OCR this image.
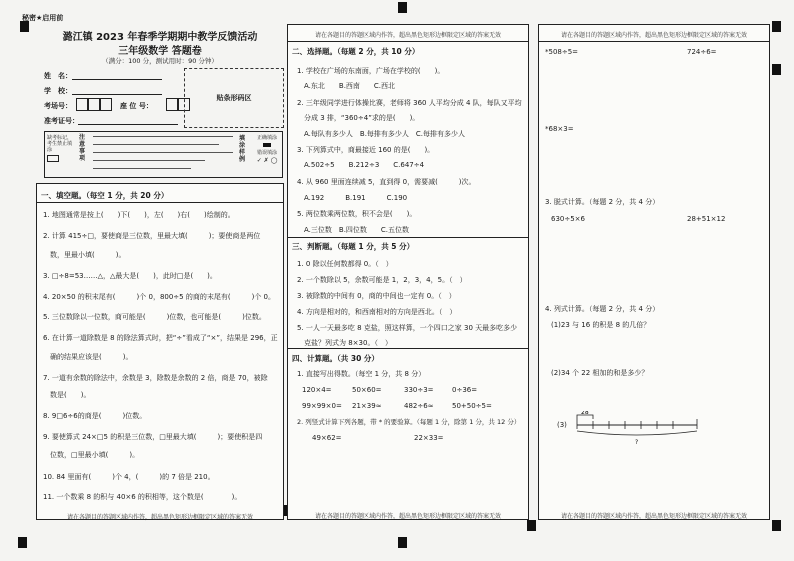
秘密★启用前
潞江镇 2023 年春季学期期中教学反馈活动
三年级数学 答题卷
（满分：100 分，测试用时：90 分钟）
姓　名：
学　校：
考场号：	座 位 号：
准考证号：
贴条形码区
缺考标记，考生禁止填涂
注意事项
填涂样例
正确填涂
错误填涂
✓ ✗ ◯
一、填空题。（每空 1 分，共 20 分）
1. 地图通常是按上(　　)下(　　)，左(　　)右(　　)绘制的。
2. 计算 415÷□，要使商是三位数，里最大填(　　　)；要使商是两位
　数，里最小填(　　　)。
3. □÷8=53……△，△最大是(　　)，此时□是(　　)。
4. 20×50 的积末尾有(　　　)个 0，800÷5 的商的末尾有(　　　)个 0。
5. 三位数除以一位数，商可能是(　　　)位数，也可能是(　　　)位数。
6. 在计算一道除数是 8 的除法算式时，把“÷”看成了“×”，结果是 296，正
　确的结果应该是(　　　)。
7. 一道有余数的除法中，余数是 3，除数是余数的 2 倍，商是 70，被除
　数是(　　)。
8. 9□6÷6的商是(　　　)位数。
9. 要使算式 24×□5 的积是三位数，□里最大填(　　　)；要使积是四
　位数，□里最小填(　　　)。
10. 84 里面有(　　　)个 4，(　　　)的 7 倍是 210。
11. 一个数乘 8 的积与 40×6 的积相等，这个数是(　　　　)。
请在各题目的答题区域内作答，超出黑色矩形边框限定区域的答案无效
请在各题目的答题区域内作答，超出黑色矩形边框限定区域的答案无效
二、选择题。（每题 2 分，共 10 分）
1. 学校在广场的东南面，广场在学校的(　　)。
　A.东北　　B.西南　　C.西北
2. 三年级同学进行体操比赛，老师将 360 人平均分成 4 队，每队又平均
　分成 3 排，“360÷4”求的是(　　)。
　A.每队有多少人　B.每排有多少人　C.每排有多少人
3. 下列算式中，商最接近 160 的是(　　)。
　A.502÷5　　B.212÷3　　C.647÷4
4. 从 960 里面连续减 5，直到得 0，需要减(　　　)次。
　A.192　　　B.191　　　C.190
5. 两位数乘两位数，积不会是(　　)。
　A.三位数　B.四位数　　C.五位数
三、判断题。（每题 1 分，共 5 分）
1. 0 除以任何数都得 0。（　）
2. 一个数除以 5，余数可能是 1，2，3，4，5。（　）
3. 被除数的中间有 0，商的中间也一定有 0。（　）
4. 方向是相对的，和西南相对的方向是西北。（　）
5. 一人一天最多吃 8 克盐，照这样算，一个四口之家 30 天最多吃多少
　克盐？列式为 8×30。（　）
四、计算题。（共 30 分）
1. 直接写出得数。（每空 1 分，共 8 分）
120×4=	50×60=	330÷3=	0÷36=
99×99×0= 21×39≈	482÷6≈	50+50÷5=
2. 列竖式计算下列各题，带 * 的要验算。（每题 1 分，除第 1 分，共 12 分）
49×62=	22×33=
请在各题目的答题区域内作答，超出黑色矩形边框限定区域的答案无效
请在各题目的答题区域内作答，超出黑色矩形边框限定区域的答案无效
*508÷5=	724÷6=
*68×3=
3. 脱式计算。（每题 2 分，共 4 分）
630÷5×6	28+51×12
4. 列式计算。（每题 2 分，共 4 分）
(1)23 与 16 的积是 8 的几倍？
(2)34 个 22 相加的和是多少？
(3)
28
?
请在各题目的答题区域内作答，超出黑色矩形边框限定区域的答案无效
